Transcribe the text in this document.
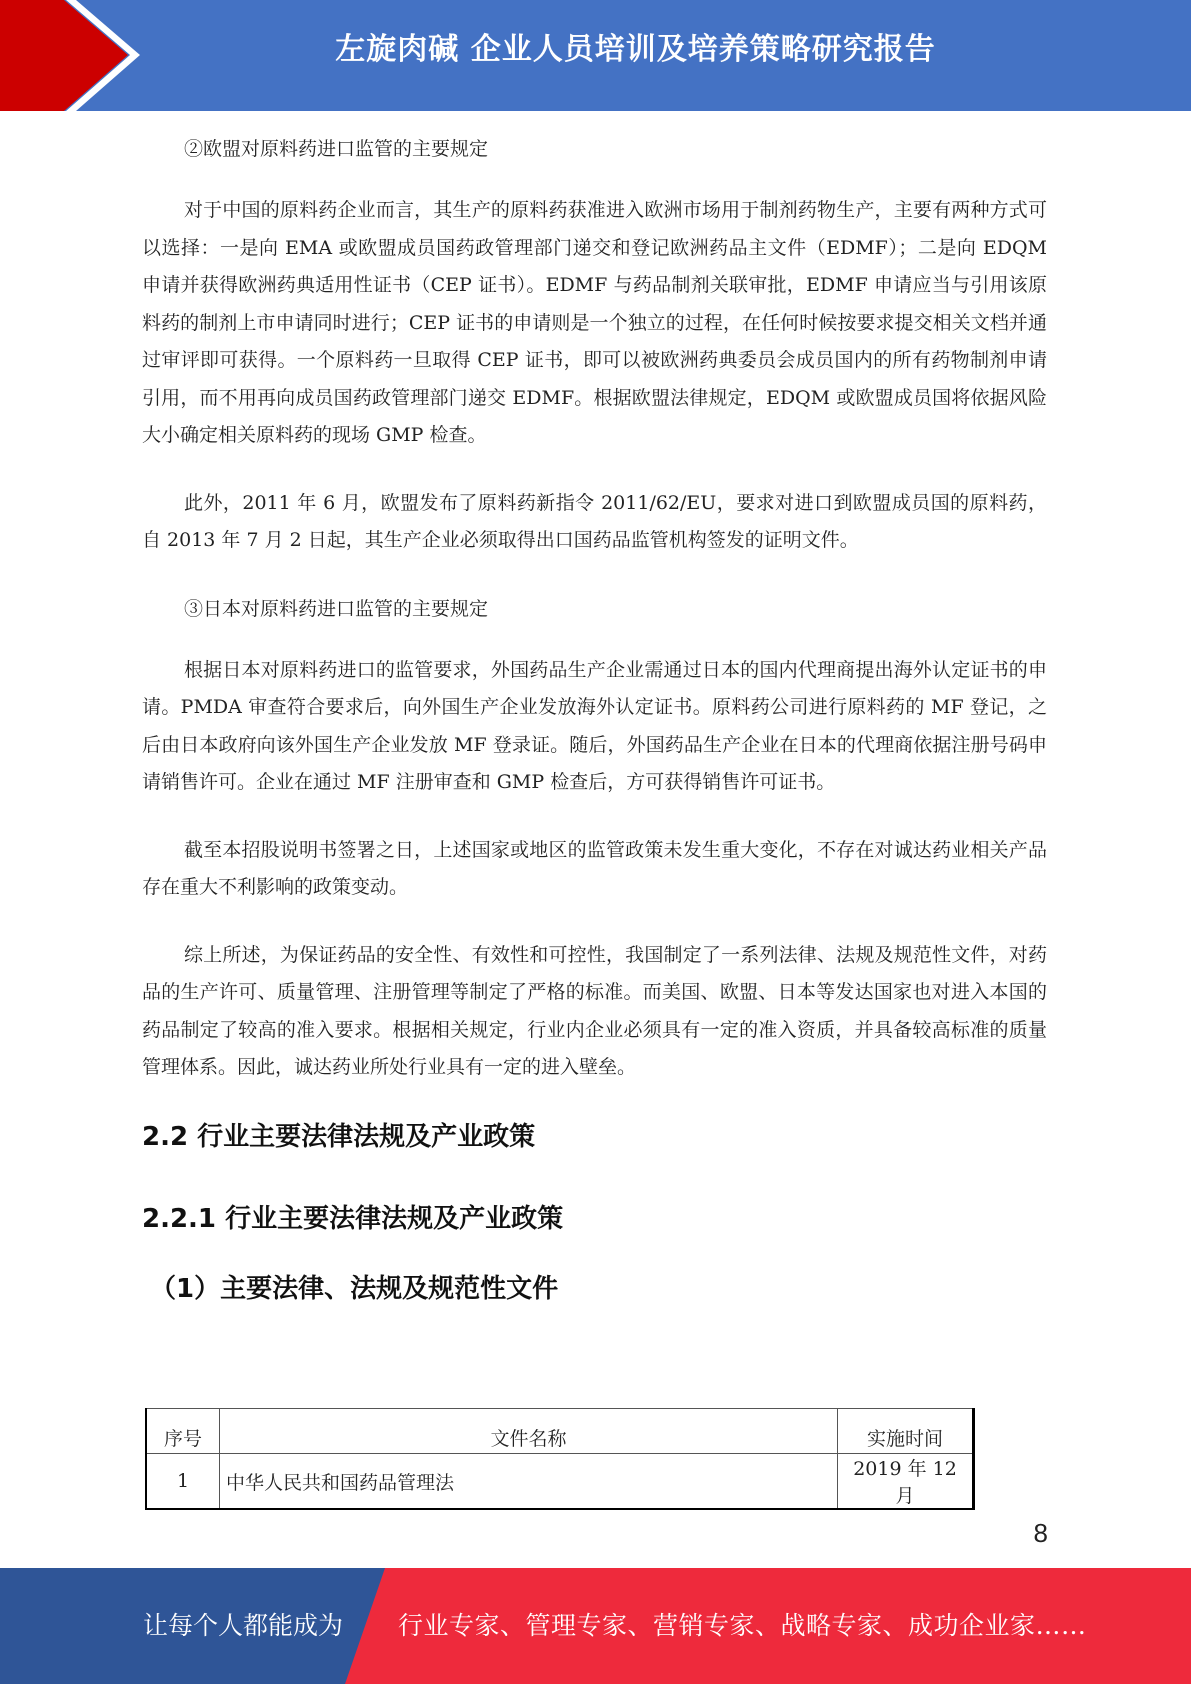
左旋肉碱 企业人员培训及培养策略研究报告

②欧盟对原料药进口监管的主要规定

对于中国的原料药企业而言，其生产的原料药获准进入欧洲市场用于制剂药物生产，主要有两种方式可以选择：一是向 EMA 或欧盟成员国药政管理部门递交和登记欧洲药品主文件（EDMF）；二是向 EDQM 申请并获得欧洲药典适用性证书（CEP 证书）。EDMF 与药品制剂关联审批，EDMF 申请应当与引用该原料药的制剂上市申请同时进行；CEP 证书的申请则是一个独立的过程，在任何时候按要求提交相关文档并通过审评即可获得。一个原料药一旦取得 CEP 证书，即可以被欧洲药典委员会成员国内的所有药物制剂申请引用，而不用再向成员国药政管理部门递交 EDMF。根据欧盟法律规定，EDQM 或欧盟成员国将依据风险大小确定相关原料药的现场 GMP 检查。

此外，2011 年 6 月，欧盟发布了原料药新指令 2011/62/EU，要求对进口到欧盟成员国的原料药，自 2013 年 7 月 2 日起，其生产企业必须取得出口国药品监管机构签发的证明文件。

③日本对原料药进口监管的主要规定

根据日本对原料药进口的监管要求，外国药品生产企业需通过日本的国内代理商提出海外认定证书的申请。PMDA 审查符合要求后，向外国生产企业发放海外认定证书。原料药公司进行原料药的 MF 登记，之后由日本政府向该外国生产企业发放 MF 登录证。随后，外国药品生产企业在日本的代理商依据注册号码申请销售许可。企业在通过 MF 注册审查和 GMP 检查后，方可获得销售许可证书。

截至本招股说明书签署之日，上述国家或地区的监管政策未发生重大变化，不存在对诚达药业相关产品存在重大不利影响的政策变动。

综上所述，为保证药品的安全性、有效性和可控性，我国制定了一系列法律、法规及规范性文件，对药品的生产许可、质量管理、注册管理等制定了严格的标准。而美国、欧盟、日本等发达国家也对进入本国的药品制定了较高的准入要求。根据相关规定，行业内企业必须具有一定的准入资质，并具备较高标准的质量管理体系。因此，诚达药业所处行业具有一定的进入壁垒。

2.2 行业主要法律法规及产业政策
2.2.1 行业主要法律法规及产业政策
（1）主要法律、法规及规范性文件
序号	文件名称	实施时间
1	中华人民共和国药品管理法	2019 年 12 月
8
让每个人都能成为 行业专家、管理专家、营销专家、战略专家、成功企业家……
